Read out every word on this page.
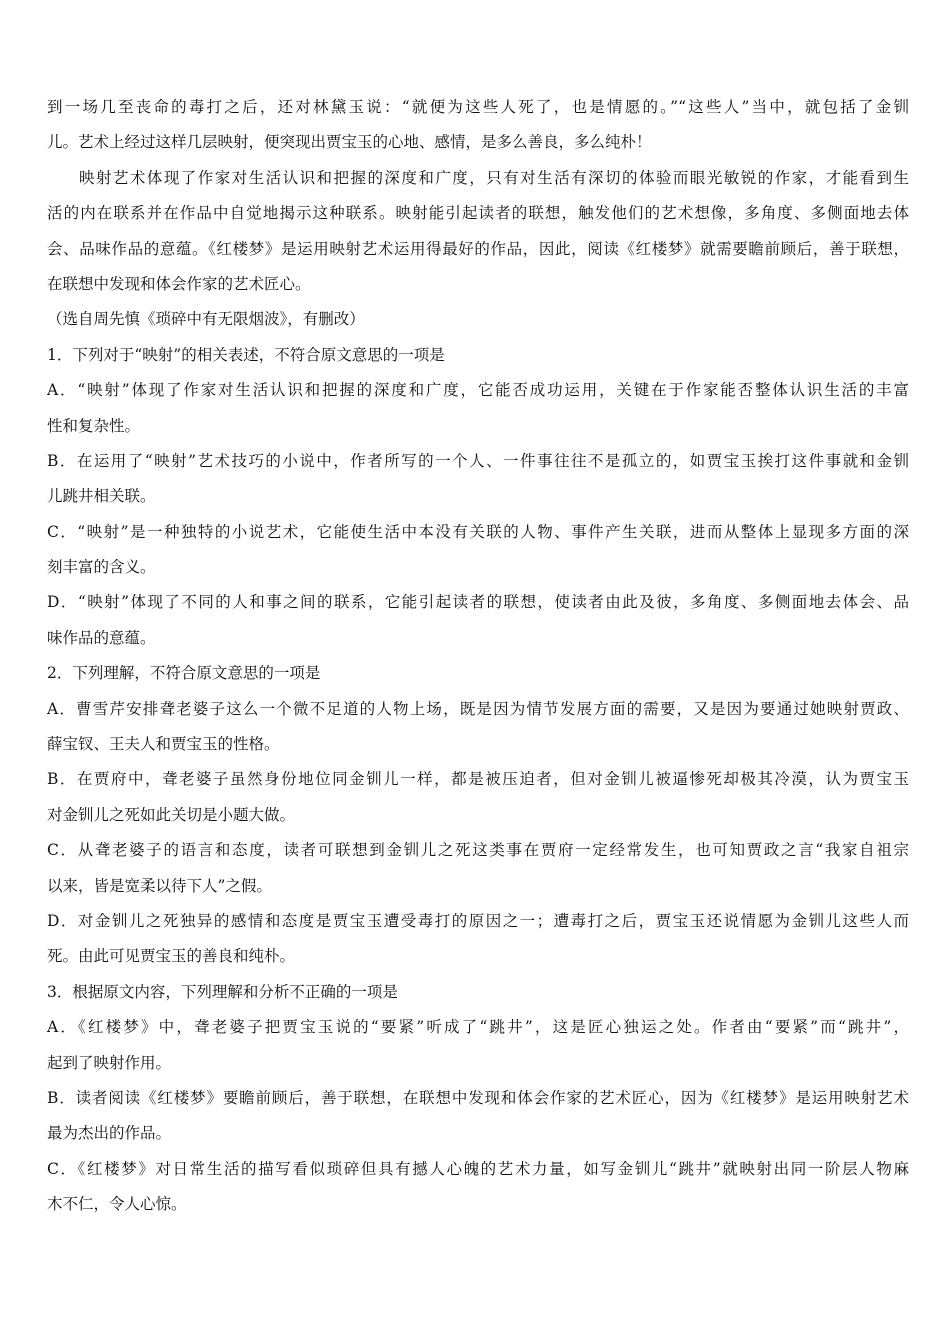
到一场几至丧命的毒打之后，还对林黛玉说：“就便为这些人死了，也是情愿的。”“这些人”当中，就包括了金钏
儿。艺术上经过这样几层映射，便突现出贾宝玉的心地、感情，是多么善良，多么纯朴！
映射艺术体现了作家对生活认识和把握的深度和广度，只有对生活有深切的体验而眼光敏锐的作家，才能看到生
活的内在联系并在作品中自觉地揭示这种联系。映射能引起读者的联想，触发他们的艺术想像，多角度、多侧面地去体
会、品味作品的意蕴。《红楼梦》是运用映射艺术运用得最好的作品，因此，阅读《红楼梦》就需要瞻前顾后，善于联想，
在联想中发现和体会作家的艺术匠心。
（选自周先慎《琐碎中有无限烟波》，有删改）
1．下列对于“映射”的相关表述，不符合原文意思的一项是
A．“映射”体现了作家对生活认识和把握的深度和广度，它能否成功运用，关键在于作家能否整体认识生活的丰富
性和复杂性。
B．在运用了“映射”艺术技巧的小说中，作者所写的一个人、一件事往往不是孤立的，如贾宝玉挨打这件事就和金钏
儿跳井相关联。
C．“映射”是一种独特的小说艺术，它能使生活中本没有关联的人物、事件产生关联，进而从整体上显现多方面的深
刻丰富的含义。
D．“映射”体现了不同的人和事之间的联系，它能引起读者的联想，使读者由此及彼，多角度、多侧面地去体会、品
味作品的意蕴。
2．下列理解，不符合原文意思的一项是
A．曹雪芹安排聋老婆子这么一个微不足道的人物上场，既是因为情节发展方面的需要，又是因为要通过她映射贾政、
薛宝钗、王夫人和贾宝玉的性格。
B．在贾府中，聋老婆子虽然身份地位同金钏儿一样，都是被压迫者，但对金钏儿被逼惨死却极其冷漠，认为贾宝玉
对金钏儿之死如此关切是小题大做。
C．从聋老婆子的语言和态度，读者可联想到金钏儿之死这类事在贾府一定经常发生，也可知贾政之言“我家自祖宗
以来，皆是宽柔以待下人”之假。
D．对金钏儿之死独异的感情和态度是贾宝玉遭受毒打的原因之一；遭毒打之后，贾宝玉还说情愿为金钏儿这些人而
死。由此可见贾宝玉的善良和纯朴。
3．根据原文内容，下列理解和分析不正确的一项是
A．《红楼梦》中，聋老婆子把贾宝玉说的“要紧”听成了“跳井”，这是匠心独运之处。作者由“要紧”而“跳井”，
起到了映射作用。
B．读者阅读《红楼梦》要瞻前顾后，善于联想，在联想中发现和体会作家的艺术匠心，因为《红楼梦》是运用映射艺术
最为杰出的作品。
C．《红楼梦》对日常生活的描写看似琐碎但具有撼人心魄的艺术力量，如写金钏儿“跳井”就映射出同一阶层人物麻
木不仁，令人心惊。
